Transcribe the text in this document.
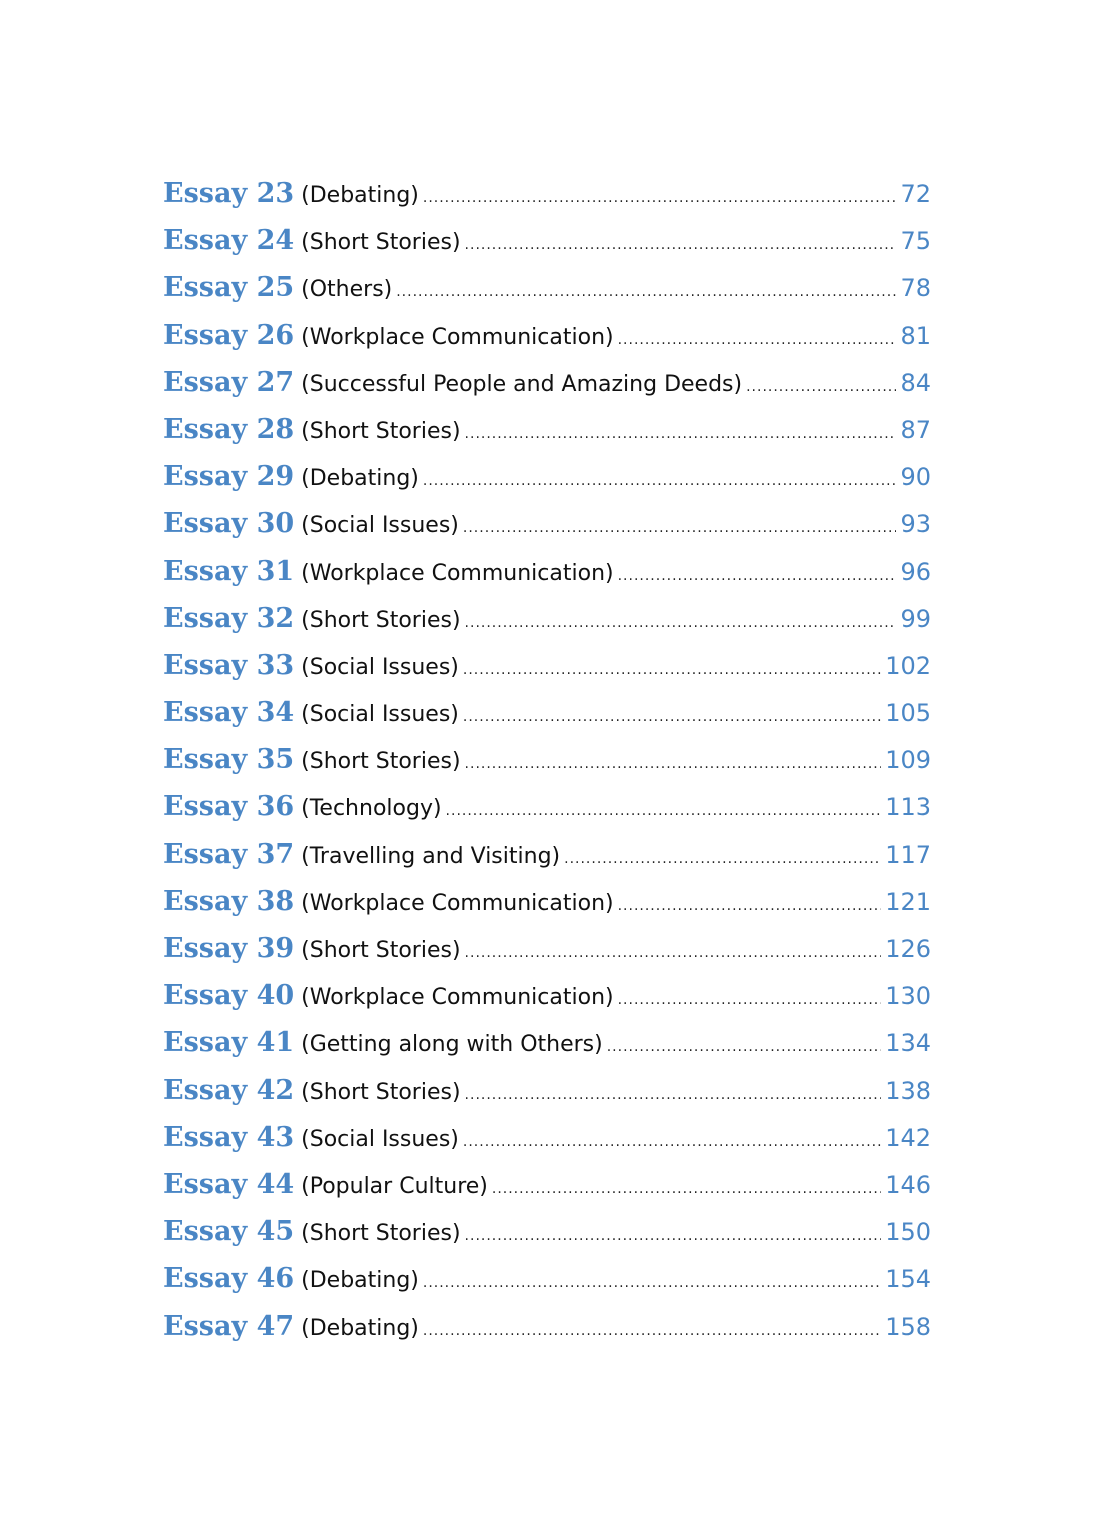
Essay 23 (Debating) .....	72
Essay 24 (Short Stories) .....	75
Essay 25 (Others) .....	78
Essay 26 (Workplace Communication) .....	81
Essay 27 (Successful People and Amazing Deeds) .....	84
Essay 28 (Short Stories) .....	87
Essay 29 (Debating) .....	90
Essay 30 (Social Issues) .....	93
Essay 31 (Workplace Communication) .....	96
Essay 32 (Short Stories) .....	99
Essay 33 (Social Issues) .....	102
Essay 34 (Social Issues) .....	105
Essay 35 (Short Stories) .....	109
Essay 36 (Technology) .....	113
Essay 37 (Travelling and Visiting) .....	117
Essay 38 (Workplace Communication) .....	121
Essay 39 (Short Stories) .....	126
Essay 40 (Workplace Communication) .....	130
Essay 41 (Getting along with Others) .....	134
Essay 42 (Short Stories) .....	138
Essay 43 (Social Issues) .....	142
Essay 44 (Popular Culture) .....	146
Essay 45 (Short Stories) .....	150
Essay 46 (Debating) .....	154
Essay 47 (Debating) .....	158
